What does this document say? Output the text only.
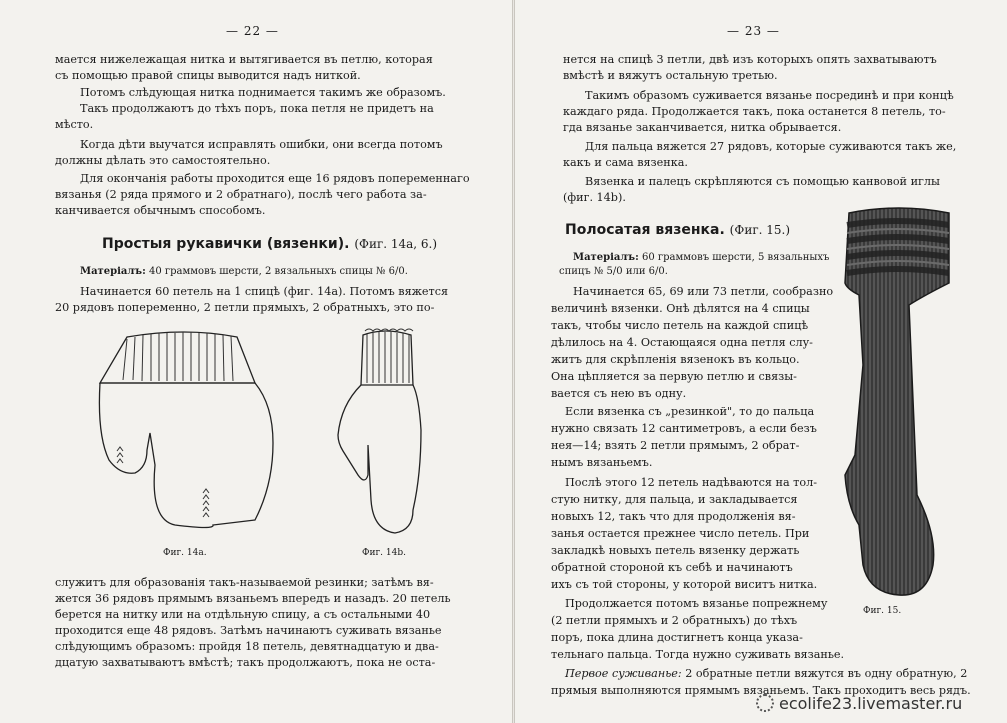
— 22 —
мается нижележащая нитка и вытягивается въ петлю, которая
съ помощью правой спицы выводится надъ ниткой.
Потомъ слѣдующая нитка поднимается такимъ же образомъ.
Такъ продолжаютъ до тѣхъ поръ, пока петля не придетъ на
мѣсто.
Когда дѣти выучатся исправлять ошибки, они всегда потомъ
должны дѣлать это самостоятельно.
Для окончанія работы проходится еще 16 рядовъ попеременнаго
вязанья (2 ряда прямого и 2 обратнаго), послѣ чего работа за-
канчивается обычнымъ способомъ.
Простыя рукавички (вязенки). (Фиг. 14а, 6.)
Матеріалъ: 40 граммовъ шерсти, 2 вязальныхъ спицы № 6/0.
Начинается 60 петель на 1 спицѣ (фиг. 14а). Потомъ вяжется
20 рядовъ попеременно, 2 петли прямыхъ, 2 обратныхъ, это по-
Фиг. 14а.	Фиг. 14b.
служитъ для образованія такъ-называемой резинки; затѣмъ вя-
жется 36 рядовъ прямымъ вязаньемъ впередъ и назадъ. 20 петель
берется на нитку или на отдѣльную спицу, а съ остальными 40
проходится еще 48 рядовъ. Затѣмъ начинаютъ суживать вязанье
слѣдующимъ образомъ: пройдя 18 петель, девятнадцатую и два-
дцатую захватываютъ вмѣстѣ; такъ продолжаютъ, пока не оста-
— 23 —
нется на спицѣ 3 петли, двѣ изъ которыхъ опять захватываютъ
вмѣстѣ и вяжутъ остальную третью.
Такимъ образомъ суживается вязанье посрединѣ и при концѣ
каждаго ряда. Продолжается такъ, пока останется 8 петель, то-
гда вязанье заканчивается, нитка обрывается.
Для пальца вяжется 27 рядовъ, которые суживаются такъ же,
какъ и сама вязенка.
Вязенка и палецъ скрѣпляются съ помощью канвовой иглы
(фиг. 14b).
Полосатая вязенка. (Фиг. 15.)
Матеріалъ: 60 граммовъ шерсти, 5 вязальныхъ
спицъ № 5/0 или 6/0.
Начинается 65, 69 или 73 петли, сообразно
величинѣ вязенки. Онѣ дѣлятся на 4 спицы
такъ, чтобы число петель на каждой спицѣ
дѣлилось на 4. Остающаяся одна петля слу-
житъ для скрѣпленія вязенокъ въ кольцо.
Она цѣпляется за первую петлю и связы-
вается съ нею въ одну.
Если вязенка съ „резинкой", то до пальца
нужно связать 12 сантиметровъ, а если безъ
нея—14; взять 2 петли прямымъ, 2 обрат-
нымъ вязаньемъ.
Послѣ этого 12 петель надѣваются на тол-
стую нитку, для пальца, и закладывается
новыхъ 12, такъ что для продолженія вя-
занья остается прежнее число петель. При
закладкѣ новыхъ петель вязенку держать
обратной стороной къ себѣ и начинаютъ
ихъ съ той стороны, у которой виситъ нитка.
Продолжается потомъ вязанье попрежнему
(2 петли прямыхъ и 2 обратныхъ) до тѣхъ
поръ, пока длина достигнетъ конца указа-
тельнаго пальца. Тогда нужно суживать вязанье.
Первое суживанье: 2 обратные петли вяжутся въ одну обратную, 2
прямыя выполняются прямымъ вязаньемъ. Такъ проходитъ весь рядъ.
Фиг. 15.
ecolife23.livemaster.ru
